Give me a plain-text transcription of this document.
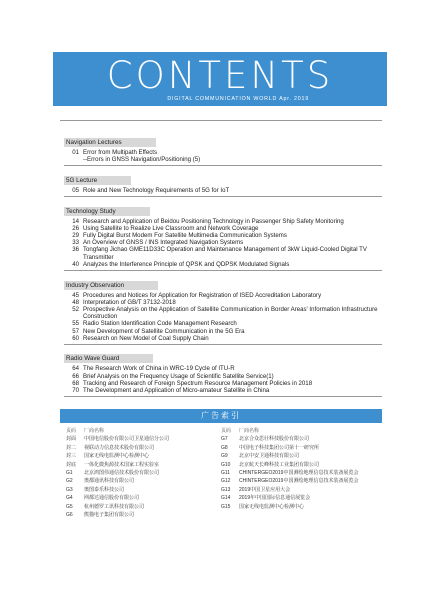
CONTENTS
DIGITAL COMMUNICATION WORLD Apr. 2019
Navigation Lectures
01 Error from Multipath Effects
--Errors in GNSS Navigation/Positioning (5)
5G Lecture
05 Role and New Technology Requirements of 5G for IoT
Technology Study
14 Research and Application of Beidou Positioning Technology in Passenger Ship Safety Monitoring
26 Using Satellite to Realize Live Classroom and Network Coverage
29 Fully Digital Burst Modem For Satellite Multimedia Communication Systems
33 An Overview of GNSS / INS Integrated Navigation Systems
36 Tongfang Jichao GME11D33C Operation and Maintenance Management of 3kW Liquid-Cooled Digital TV Transmitter
40 Analyzes the Interference Principle of QPSK and QDPSK Modulated Signals
Industry Observation
45 Procedures and Notices for Application for Registration of ISED Accreditation Laboratory
48 Interpretation of GB/T 37132-2018
52 Prospective Analysis on the Application of Satellite Communication in Border Areas' Information Infrastructure Construction
55 Radio Station Identification Code Management Research
57 New Development of Satellite Communication in the 5G Era
60 Research on New Model of Coal Supply Chain
Radio Wave Guard
64 The Research Work of China in WRC-19 Cycle of ITU-R
66 Brief Analysis on the Frequency Usage of Scientific Satellite Service(1)
68 Tracking and Research of Foreign Spectrum Resource Management Policies in 2018
70 The Development and Application of Micro-amateur Satellite in China
广告索引
页码	厂商名称
封面	中国电信股份有限公司卫星通信分公司
封二	视联动力信息技术股份有限公司
封三	国家无线电监测中心检测中心
封底	一体化微焦源技术国家工程实验室
G1	北京鸿图伟通信技术股份有限公司
G2	奥都通讯科技有限公司
G3	奥图泰乐科技公司
G4	网都达通信股份有限公司
G5	杭州德罗工讯科技有限公司
G6	熊猫电子集团有限公司
页码	厂商名称
G7	北京合众思壮科技股份有限公司
G8	中国电子科技集团公司第十一研究所
G9	北京中安卫通科技有限公司
G10	北京航天长峰科技工业集团有限公司
G11	CHINTERGEO2019中国测绘地理信息技术装备展览会
G12	CHINTERGEO2019中国测绘地理信息技术装备展览会
G13	2019中国卫星应用大会
G14	2019年中国国际信息通信展览会
G15	国家无线电监测中心检测中心
